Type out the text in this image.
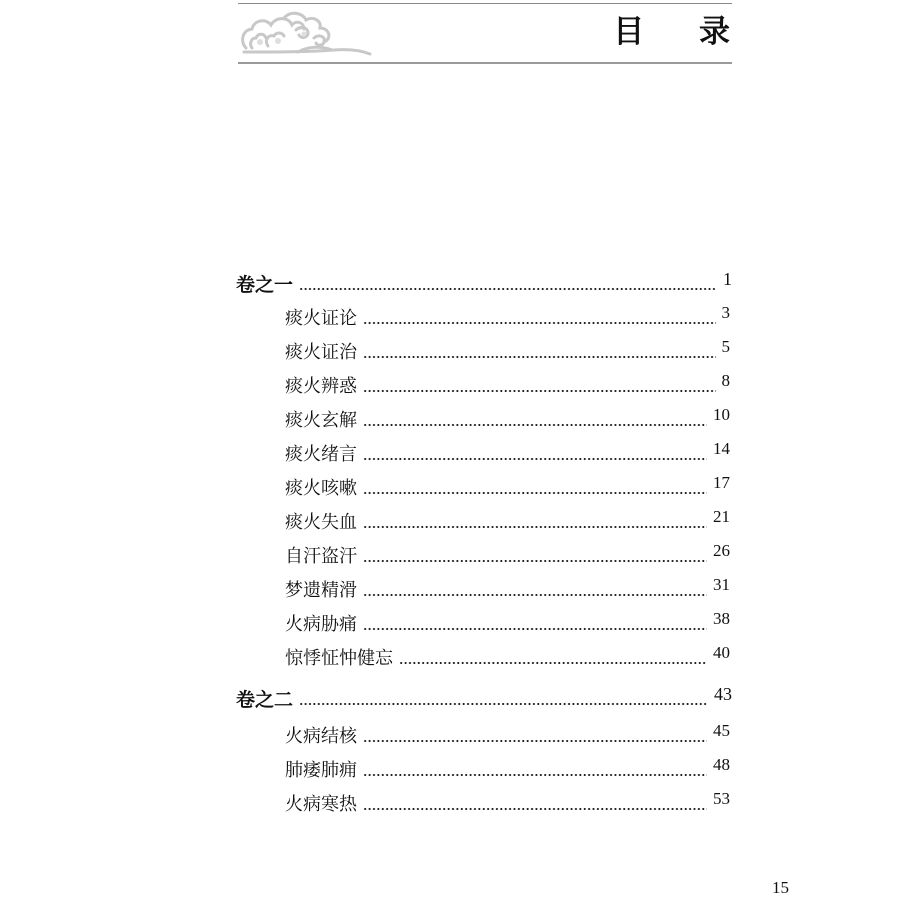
目 录
卷之一	1
痰火证论	3
痰火证治	5
痰火辨惑	8
痰火玄解	10
痰火绪言	14
痰火咳嗽	17
痰火失血	21
自汗盗汗	26
梦遗精滑	31
火病胁痛	38
惊悸怔忡健忘	40
卷之二	43
火病结核	45
肺痿肺痈	48
火病寒热	53
15
